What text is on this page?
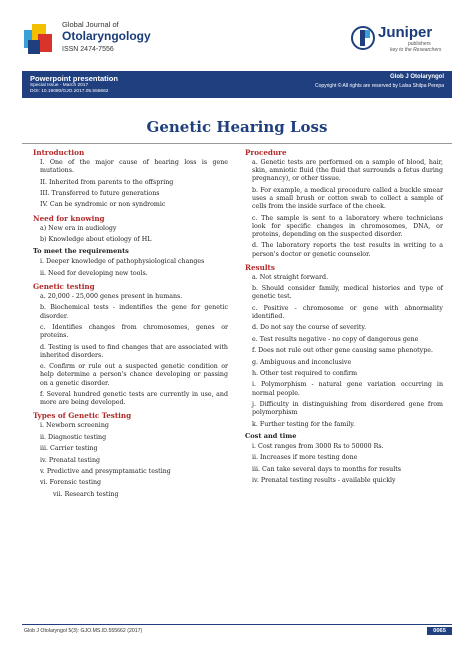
Global Journal of
Otolaryngology
ISSN 2474-7556
Juniper
publishers
key to the Researchers
Powerpoint presentation
Special Issue - March 2017
DOI: 10.19080/GJO.2017.05.555662
Glob J Otolaryngol
Copyright © All rights are reserved by Lalsa Shilpa Perepa
Genetic Hearing Loss
Introduction
I. One of the major cause of hearing loss is gene mutations.
II. Inherited from parents to the offspring
III. Transferred to future generations
IV. Can be syndromic or non syndromic
Need for knowing
a) New era in audiology
b) Knowledge about etiology of HL
To meet the requirements
i. Deeper knowledge of pathophysiological changes
ii. Need for developing new tools.
Genetic testing
a. 20,000 - 25,000 genes present in humans.
b. Biochemical tests - indentifies the gene for genetic disorder.
c. Identifies changes from chromosomes, genes or proteins.
d. Testing is used to find changes that are associated with inherited disorders.
e. Confirm or rule out a suspected genetic condition or help determine a person's chance developing or passing on a genetic disorder.
f. Several hundred genetic tests are currently in use, and more are being developed.
Types of Genetic Testing
i. Newborn screening
ii. Diagnostic testing
iii. Carrier testing
iv. Prenatal testing
v. Predictive and presymptamatic testing
vi. Forensic testing
vii. Research testing
Procedure
a. Genetic tests are performed on a sample of blood, hair, skin, amniotic fluid (the fluid that surrounds a fetus during pregnancy), or other tissue.
b. For example, a medical procedure called a buckle smear uses a small brush or cotton swab to collect a sample of cells from the inside surface of the cheek.
c. The sample is sent to a laboratory where technicians look for specific changes in chromosomes, DNA, or proteins, depending on the suspected disorder.
d. The laboratory reports the test results in writing to a person's doctor or genetic counselor.
Results
a. Not straight forward.
b. Should consider family, medical histories and type of genetic test.
c. Positive - chromosome or gene with abnormality identified.
d. Do not say the course of severity.
e. Test results negative - no copy of dangerous gene
f. Does not rule out other gene causing same phenotype.
g. Ambiguous and inconclusive
h. Other test required to confirm
i. Polymorphism - natural gene variation occurring in normal people.
j. Difficulty in distinguishing from disordered gene from polymorphism
k. Further testing for the family.
Cost and time
i. Cost ranges from 3000 Rs to 50000 Rs.
ii. Increases if more testing done
iii. Can take several days to months for results
iv. Prenatal testing results - available quickly
Glob J Otolaryngol 5(3): GJO.MS.ID.555662 (2017)	0065
